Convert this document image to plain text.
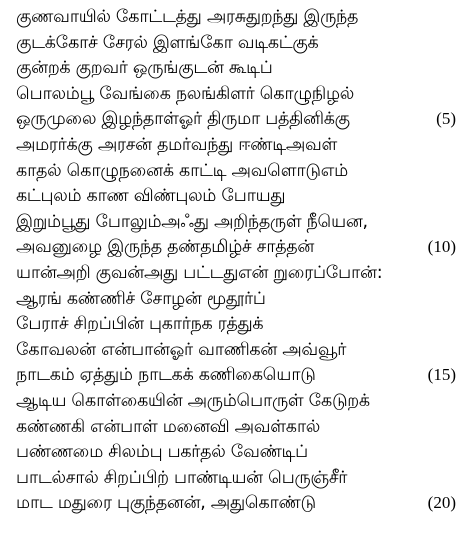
குணவாயில் கோட்டத்து அரசுதுறந்து இருந்த
குடக்கோச் சேரல் இளங்கோ வடிகட்குக்
குன்றக் குறவர் ஒருங்குடன் கூடிப்
பொலம்பூ வேங்கை நலங்கிளர் கொழுநிழல்
ஒருமுலை இழந்தாள்ஓர் திருமா பத்தினிக்கு	(5)
அமரர்க்கு அரசன் தமர்வந்து ஈண்டிஅவள்
காதல் கொழுநனைக் காட்டி அவளொடுஎம்
கட்புலம் காண விண்புலம் போயது
இறும்பூது போலும்அஃது அறிந்தருள் நீயென,
அவனுழை இருந்த தண்தமிழ்ச் சாத்தன்	(10)
யான்அறி குவன்அது பட்டதுஎன் றுரைப்போன்:
ஆரங் கண்ணிச் சோழன் மூதூர்ப்
பேராச் சிறப்பின் புகார்நக ரத்துக்
கோவலன் என்பான்ஓர் வாணிகன் அவ்வூர்
நாடகம் ஏத்தும் நாடகக் கணிகையொடு	(15)
ஆடிய கொள்கையின் அரும்பொருள் கேடுறக்
கண்ணகி என்பாள் மனைவி அவள்கால்
பண்ணமை சிலம்பு பகர்தல் வேண்டிப்
பாடல்சால் சிறப்பிற் பாண்டியன் பெருஞ்சீர்
மாட மதுரை புகுந்தனன், அதுகொண்டு	(20)
